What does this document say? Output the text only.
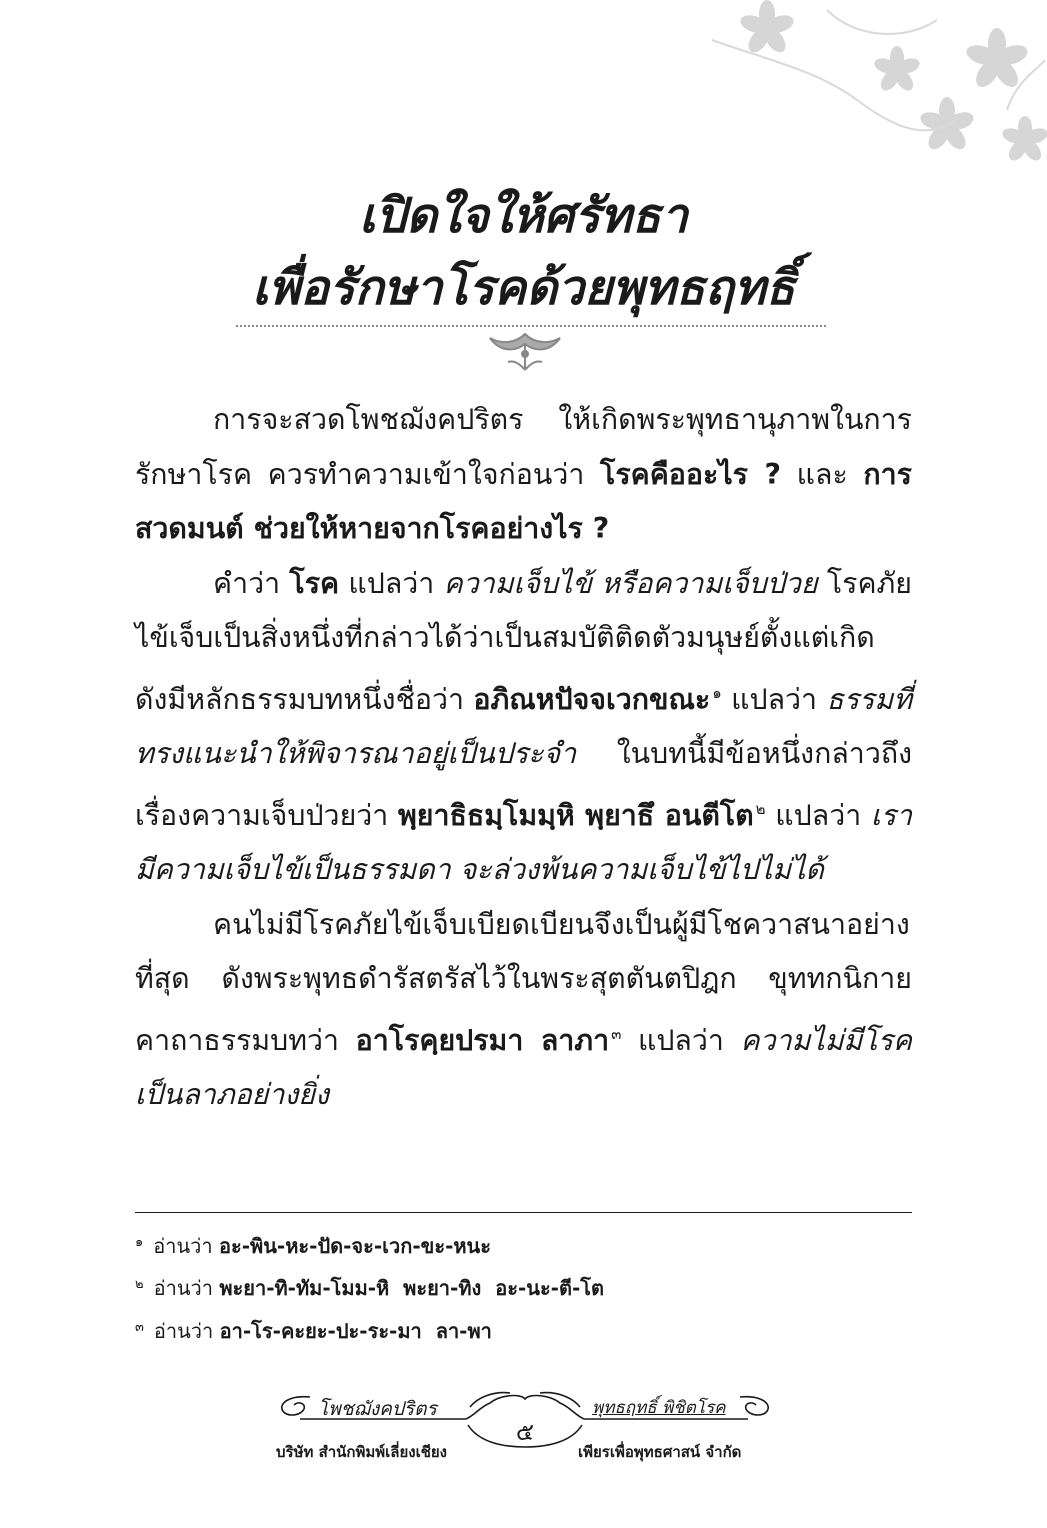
เปิดใจให้ศรัทธา
เพื่อรักษาโรคด้วยพุทธฤทธิ์

การจะสวดโพชฌังคปริตร ให้เกิดพระพุทธานุภาพในการรักษาโรค ควรทำความเข้าใจก่อนว่า โรคคืออะไร ? และ การสวดมนต์ ช่วยให้หายจากโรคอย่างไร ?

คำว่า โรค แปลว่า ความเจ็บไข้ หรือความเจ็บป่วย โรคภัยไข้เจ็บเป็นสิ่งหนึ่งที่กล่าวได้ว่าเป็นสมบัติติดตัวมนุษย์ตั้งแต่เกิด ดังมีหลักธรรมบทหนึ่งชื่อว่า อภิณหปัจจเวกขณะ $^๑$ แปลว่า ธรรมที่ทรงแนะนำให้พิจารณาอยู่เป็นประจำ ในบทนี้มีข้อหนึ่งกล่าวถึงเรื่องความเจ็บป่วยว่า พฺยาธิธมฺโมมฺหิ พฺยาธึ อนตีโต $^๒$ แปลว่า เรามีความเจ็บไข้เป็นธรรมดา จะล่วงพ้นความเจ็บไข้ไปไม่ได้

คนไม่มีโรคภัยไข้เจ็บเบียดเบียนจึงเป็นผู้มีโชควาสนาอย่างที่สุด ดังพระพุทธดำรัสตรัสไว้ในพระสุตตันตปิฎก ขุททกนิกาย คาถาธรรมบทว่า อาโรคฺยปรมา ลาภา $^๓$ แปลว่า ความไม่มีโรคเป็นลาภอย่างยิ่ง

$^๑$ อ่านว่า อะ-พิน-หะ-ปัด-จะ-เวก-ขะ-หนะ
$^๒$ อ่านว่า พะยา-ทิ-ทัม-โมม-หิ  พะยา-ทิง  อะ-นะ-ตี-โต
$^๓$ อ่านว่า อา-โร-คะยะ-ปะ-ระ-มา  ลา-พา
โพชฌังคปริตร	พุทธฤทธิ์ พิชิตโรค
๕
บริษัท สำนักพิมพ์เลี่ยงเชียง	เพียรเพื่อพุทธศาสน์ จำกัด
